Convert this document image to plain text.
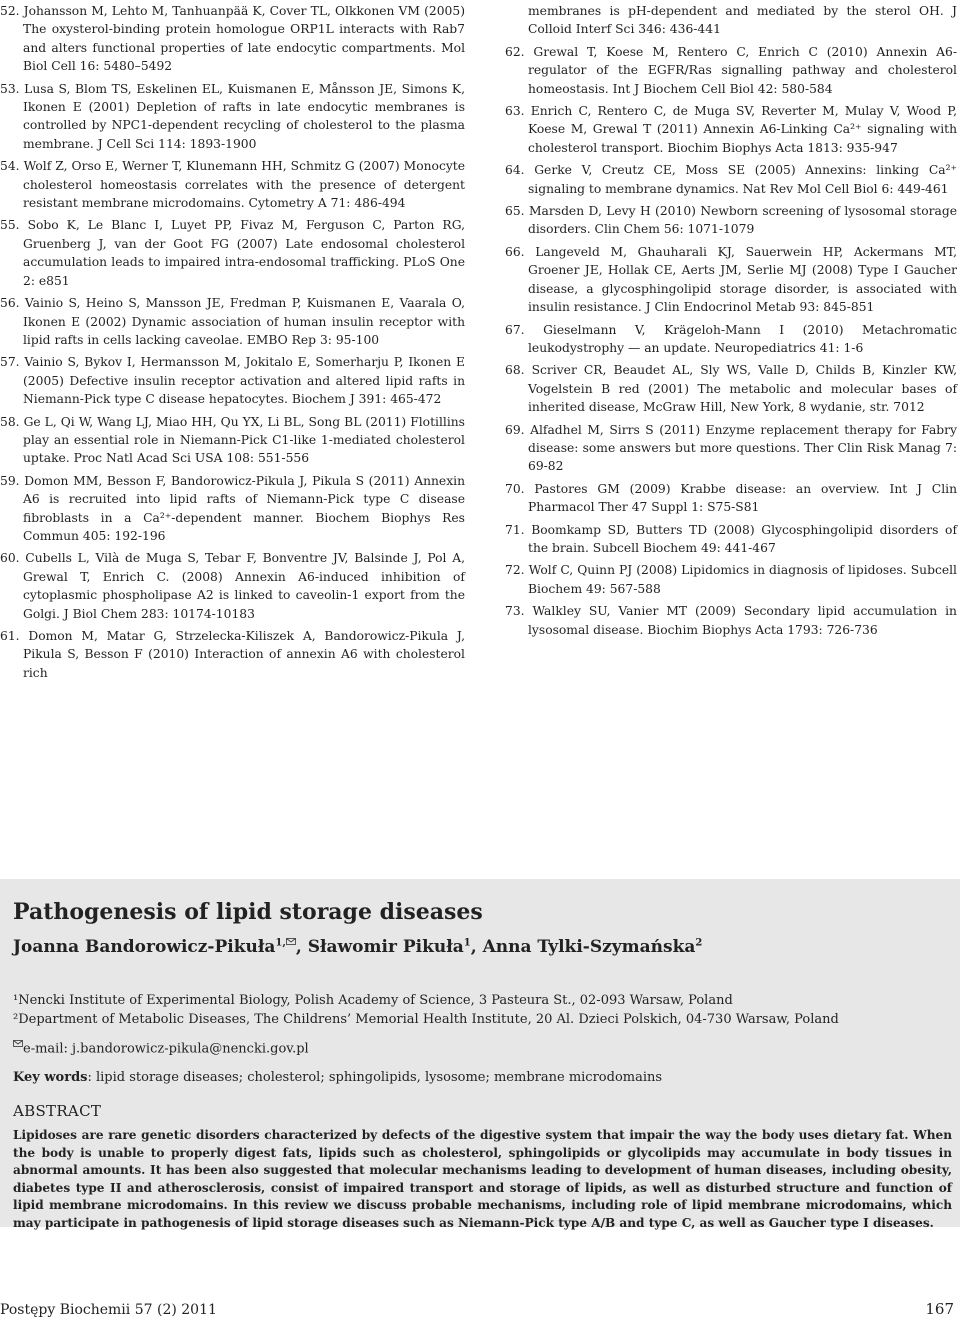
52. Johansson M, Lehto M, Tanhuanpää K, Cover TL, Olkkonen VM (2005) The oxysterol-binding protein homologue ORP1L interacts with Rab7 and alters functional properties of late endocytic compartments. Mol Biol Cell 16: 5480–5492

53. Lusa S, Blom TS, Eskelinen EL, Kuismanen E, Månsson JE, Simons K, Ikonen E (2001) Depletion of rafts in late endocytic membranes is controlled by NPC1-dependent recycling of cholesterol to the plasma membrane. J Cell Sci 114: 1893-1900

54. Wolf Z, Orso E, Werner T, Klunemann HH, Schmitz G (2007) Monocyte cholesterol homeostasis correlates with the presence of detergent resistant membrane microdomains. Cytometry A 71: 486-494

55. Sobo K, Le Blanc I, Luyet PP, Fivaz M, Ferguson C, Parton RG, Gruenberg J, van der Goot FG (2007) Late endosomal cholesterol accumulation leads to impaired intra-endosomal trafficking. PLoS One 2: e851

56. Vainio S, Heino S, Mansson JE, Fredman P, Kuismanen E, Vaarala O, Ikonen E (2002) Dynamic association of human insulin receptor with lipid rafts in cells lacking caveolae. EMBO Rep 3: 95-100

57. Vainio S, Bykov I, Hermansson M, Jokitalo E, Somerharju P, Ikonen E (2005) Defective insulin receptor activation and altered lipid rafts in Niemann-Pick type C disease hepatocytes. Biochem J 391: 465-472

58. Ge L, Qi W, Wang LJ, Miao HH, Qu YX, Li BL, Song BL (2011) Flotillins play an essential role in Niemann-Pick C1-like 1-mediated cholesterol uptake. Proc Natl Acad Sci USA 108: 551-556

59. Domon MM, Besson F, Bandorowicz-Pikula J, Pikula S (2011) Annexin A6 is recruited into lipid rafts of Niemann-Pick type C disease fibroblasts in a Ca²⁺-dependent manner. Biochem Biophys Res Commun 405: 192-196

60. Cubells L, Vilà de Muga S, Tebar F, Bonventre JV, Balsinde J, Pol A, Grewal T, Enrich C. (2008) Annexin A6-induced inhibition of cytoplasmic phospholipase A2 is linked to caveolin-1 export from the Golgi. J Biol Chem 283: 10174-10183

61. Domon M, Matar G, Strzelecka-Kiliszek A, Bandorowicz-Pikula J, Pikula S, Besson F (2010) Interaction of annexin A6 with cholesterol rich

membranes is pH-dependent and mediated by the sterol OH. J Colloid Interf Sci 346: 436-441

62. Grewal T, Koese M, Rentero C, Enrich C (2010) Annexin A6-regulator of the EGFR/Ras signalling pathway and cholesterol homeostasis. Int J Biochem Cell Biol 42: 580-584

63. Enrich C, Rentero C, de Muga SV, Reverter M, Mulay V, Wood P, Koese M, Grewal T (2011) Annexin A6-Linking Ca²⁺ signaling with cholesterol transport. Biochim Biophys Acta 1813: 935-947

64. Gerke V, Creutz CE, Moss SE (2005) Annexins: linking Ca²⁺ signaling to membrane dynamics. Nat Rev Mol Cell Biol 6: 449-461

65. Marsden D, Levy H (2010) Newborn screening of lysosomal storage disorders. Clin Chem 56: 1071-1079

66. Langeveld M, Ghauharali KJ, Sauerwein HP, Ackermans MT, Groener JE, Hollak CE, Aerts JM, Serlie MJ (2008) Type I Gaucher disease, a glycosphingolipid storage disorder, is associated with insulin resistance. J Clin Endocrinol Metab 93: 845-851

67. Gieselmann V, Krägeloh-Mann I (2010) Metachromatic leukodystrophy — an update. Neuropediatrics 41: 1-6

68. Scriver CR, Beaudet AL, Sly WS, Valle D, Childs B, Kinzler KW, Vogelstein B red (2001) The metabolic and molecular bases of inherited disease, McGraw Hill, New York, 8 wydanie, str. 7012

69. Alfadhel M, Sirrs S (2011) Enzyme replacement therapy for Fabry disease: some answers but more questions. Ther Clin Risk Manag 7: 69-82

70. Pastores GM (2009) Krabbe disease: an overview. Int J Clin Pharmacol Ther 47 Suppl 1: S75-S81

71. Boomkamp SD, Butters TD (2008) Glycosphingolipid disorders of the brain. Subcell Biochem 49: 441-467

72. Wolf C, Quinn PJ (2008) Lipidomics in diagnosis of lipidoses. Subcell Biochem 49: 567-588

73. Walkley SU, Vanier MT (2009) Secondary lipid accumulation in lysosomal disease. Biochim Biophys Acta 1793: 726-736

Pathogenesis of lipid storage diseases
Joanna Bandorowicz-Pikuła$^{1,}$ , Sławomir Pikuła$^1$, Anna Tylki-Szymańska$^2$
¹Nencki Institute of Experimental Biology, Polish Academy of Science, 3 Pasteura St., 02-093 Warsaw, Poland
²Department of Metabolic Diseases, The Childrens’ Memorial Health Institute, 20 Al. Dzieci Polskich, 04-730 Warsaw, Poland
e-mail: j.bandorowicz-pikula@nencki.gov.pl
Key words: lipid storage diseases; cholesterol; sphingolipids, lysosome; membrane microdomains
ABSTRACT

Lipidoses are rare genetic disorders characterized by defects of the digestive system that impair the way the body uses dietary fat. When the body is unable to properly digest fats, lipids such as cholesterol, sphingolipids or glycolipids may accumulate in body tissues in abnormal amounts. It has been also suggested that molecular mechanisms leading to development of human diseases, including obesity, diabetes type II and atherosclerosis, consist of impaired transport and storage of lipids, as well as disturbed structure and function of lipid membrane microdomains. In this review we discuss probable mechanisms, including role of lipid membrane microdomains, which may participate in pathogenesis of lipid storage diseases such as Niemann-Pick type A/B and type C, as well as Gaucher type I diseases.

Postępy Biochemii 57 (2) 2011	167
